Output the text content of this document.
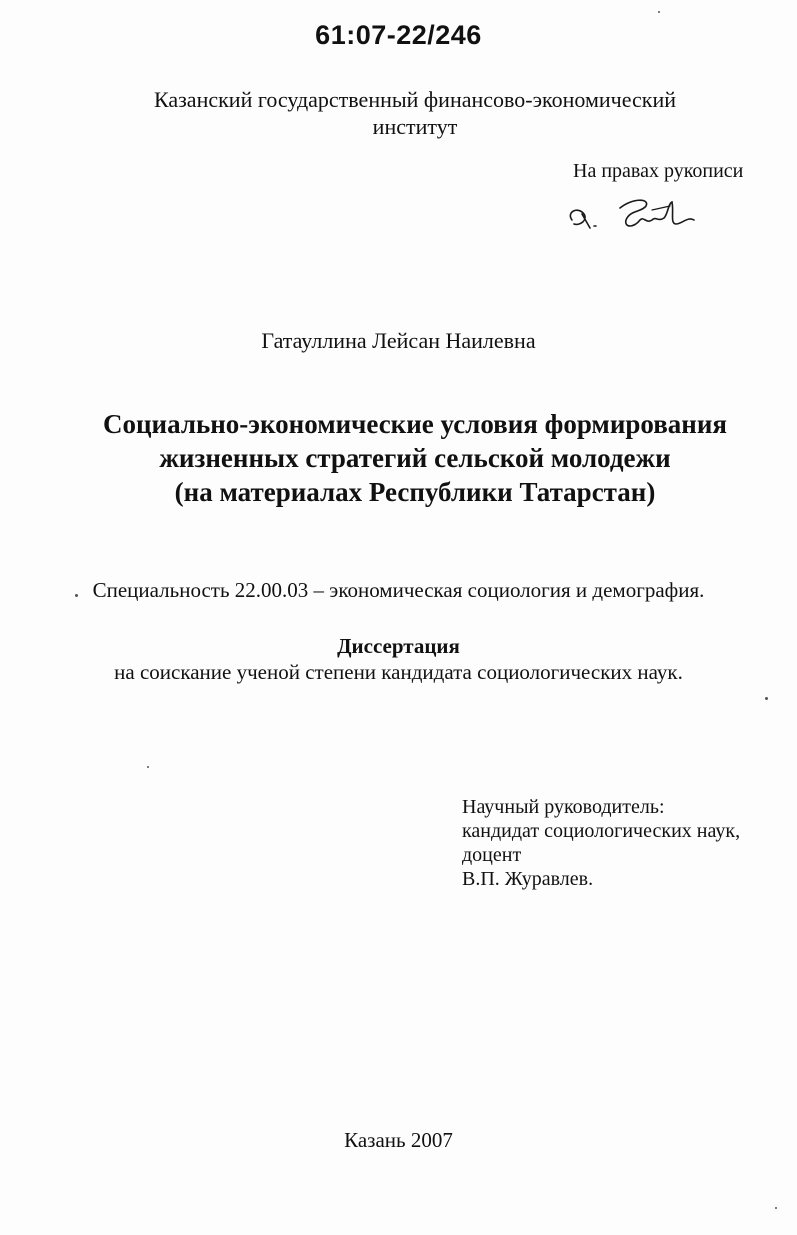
61:07-22/246
Казанский государственный финансово-экономический
институт
На правах рукописи
Гатауллина Лейсан Наилевна
Социально-экономические условия формирования
жизненных стратегий сельской молодежи
(на материалах Республики Татарстан)
Специальность 22.00.03 – экономическая социология и демография.
Диссертация
на соискание ученой степени кандидата социологических наук.
Научный руководитель:
кандидат социологических наук,
доцент
В.П. Журавлев.
Казань 2007
